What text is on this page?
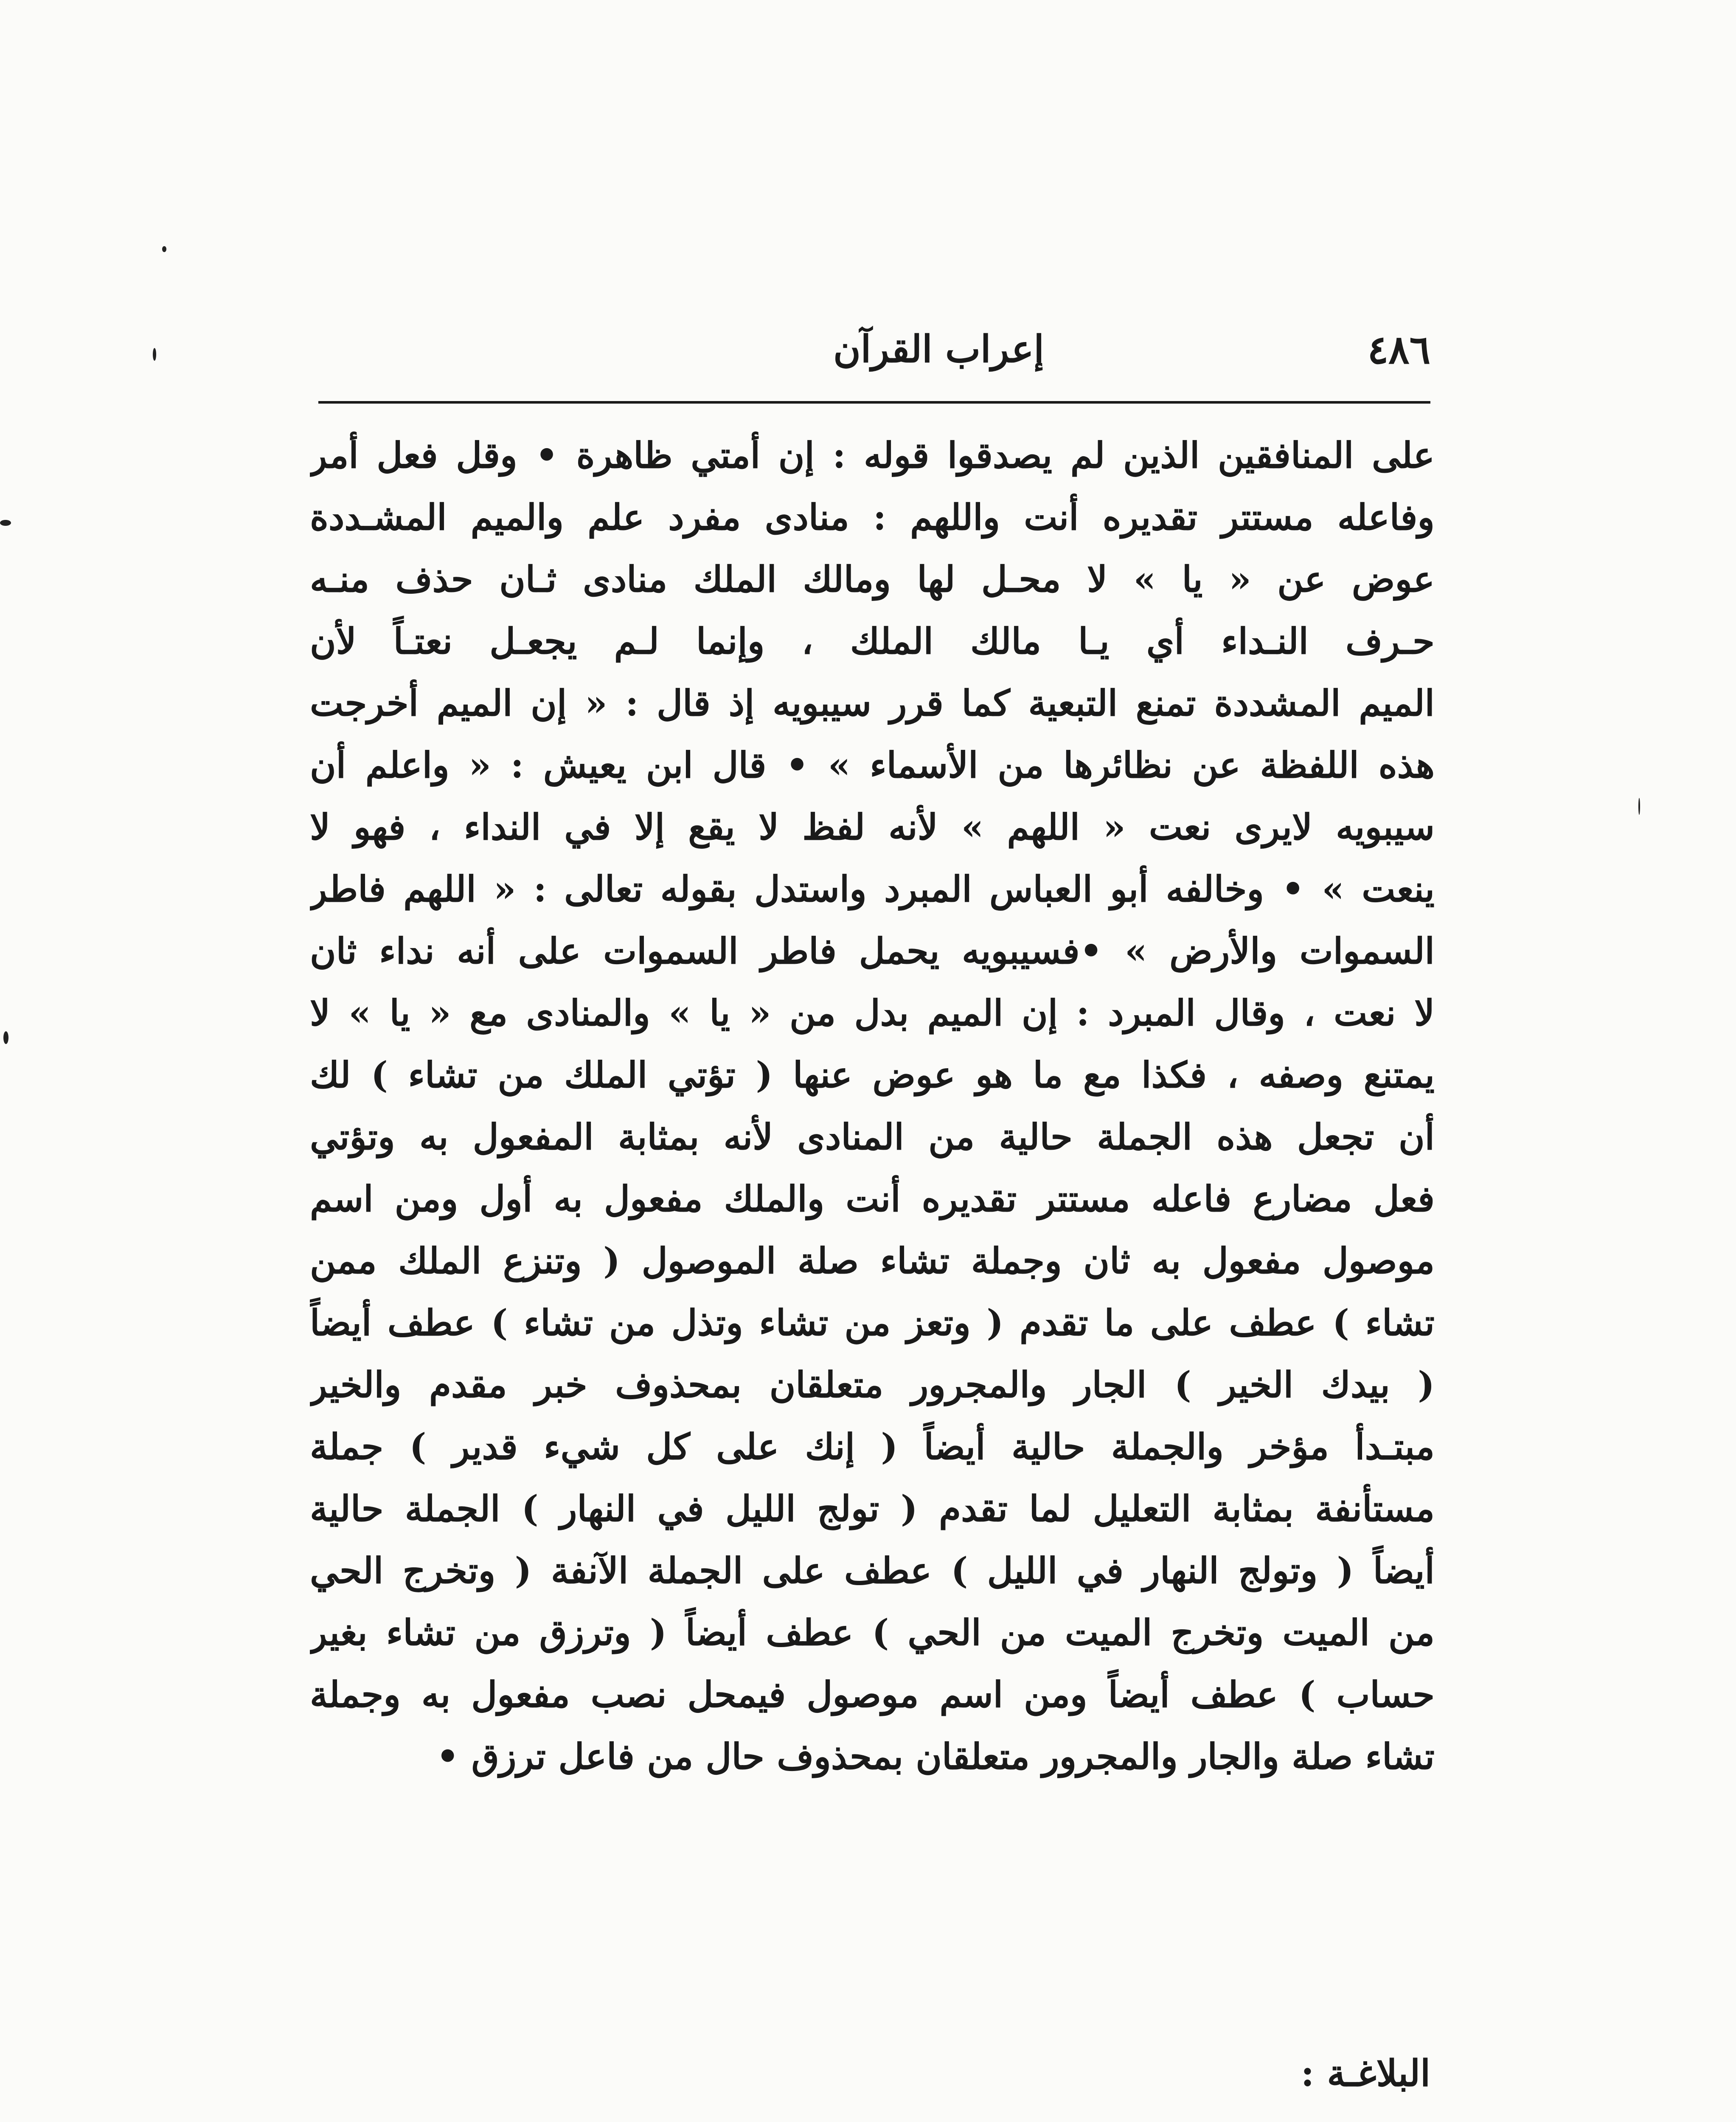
٤٨٦
إعراب القرآن
على المنافقين الذين لم يصدقوا قوله : إن أمتي ظاهرة • وقل فعل أمر
وفاعله مستتر تقديره أنت واللهم : منادى مفرد علم والميم المشـددة
عوض عن « يا » لا محـل لها ومالك الملك منادى ثـان حذف منـه
حـرف النـداء أي يـا مالك الملك ، وإنما لـم يجعـل نعتـاً لأن
الميم المشددة تمنع التبعية كما قرر سيبويه إذ قال : « إن الميم أخرجت
هذه اللفظة عن نظائرها من الأسماء » • قال ابن يعيش : « واعلم أن
سيبويه لايرى نعت « اللهم » لأنه لفظ لا يقع إلا في النداء ، فهو لا
ينعت » • وخالفه أبو العباس المبرد واستدل بقوله تعالى : « اللهم فاطر
السموات والأرض » •فسيبويه يحمل فاطر السموات على أنه نداء ثان
لا نعت ، وقال المبرد : إن الميم بدل من « يا » والمنادى مع « يا » لا
يمتنع وصفه ، فكذا مع ما هو عوض عنها ( تؤتي الملك من تشاء ) لك
أن تجعل هذه الجملة حالية من المنادى لأنه بمثابة المفعول به وتؤتي
فعل مضارع فاعله مستتر تقديره أنت والملك مفعول به أول ومن اسم
موصول مفعول به ثان وجملة تشاء صلة الموصول ( وتنزع الملك ممن
تشاء ) عطف على ما تقدم ( وتعز من تشاء وتذل من تشاء ) عطف أيضاً
( بيدك الخير ) الجار والمجرور متعلقان بمحذوف خبر مقدم والخير
مبتـدأ مؤخر والجملة حالية أيضاً ( إنك على كل شيء قدير ) جملة
مستأنفة بمثابة التعليل لما تقدم ( تولج الليل في النهار ) الجملة حالية
أيضاً ( وتولج النهار في الليل ) عطف على الجملة الآنفة ( وتخرج الحي
من الميت وتخرج الميت من الحي ) عطف أيضاً ( وترزق من تشاء بغير
حساب ) عطف أيضاً ومن اسم موصول فيمحل نصب مفعول به وجملة
تشاء صلة والجار والمجرور متعلقان بمحذوف حال من فاعل ترزق •
البلاغـة :
